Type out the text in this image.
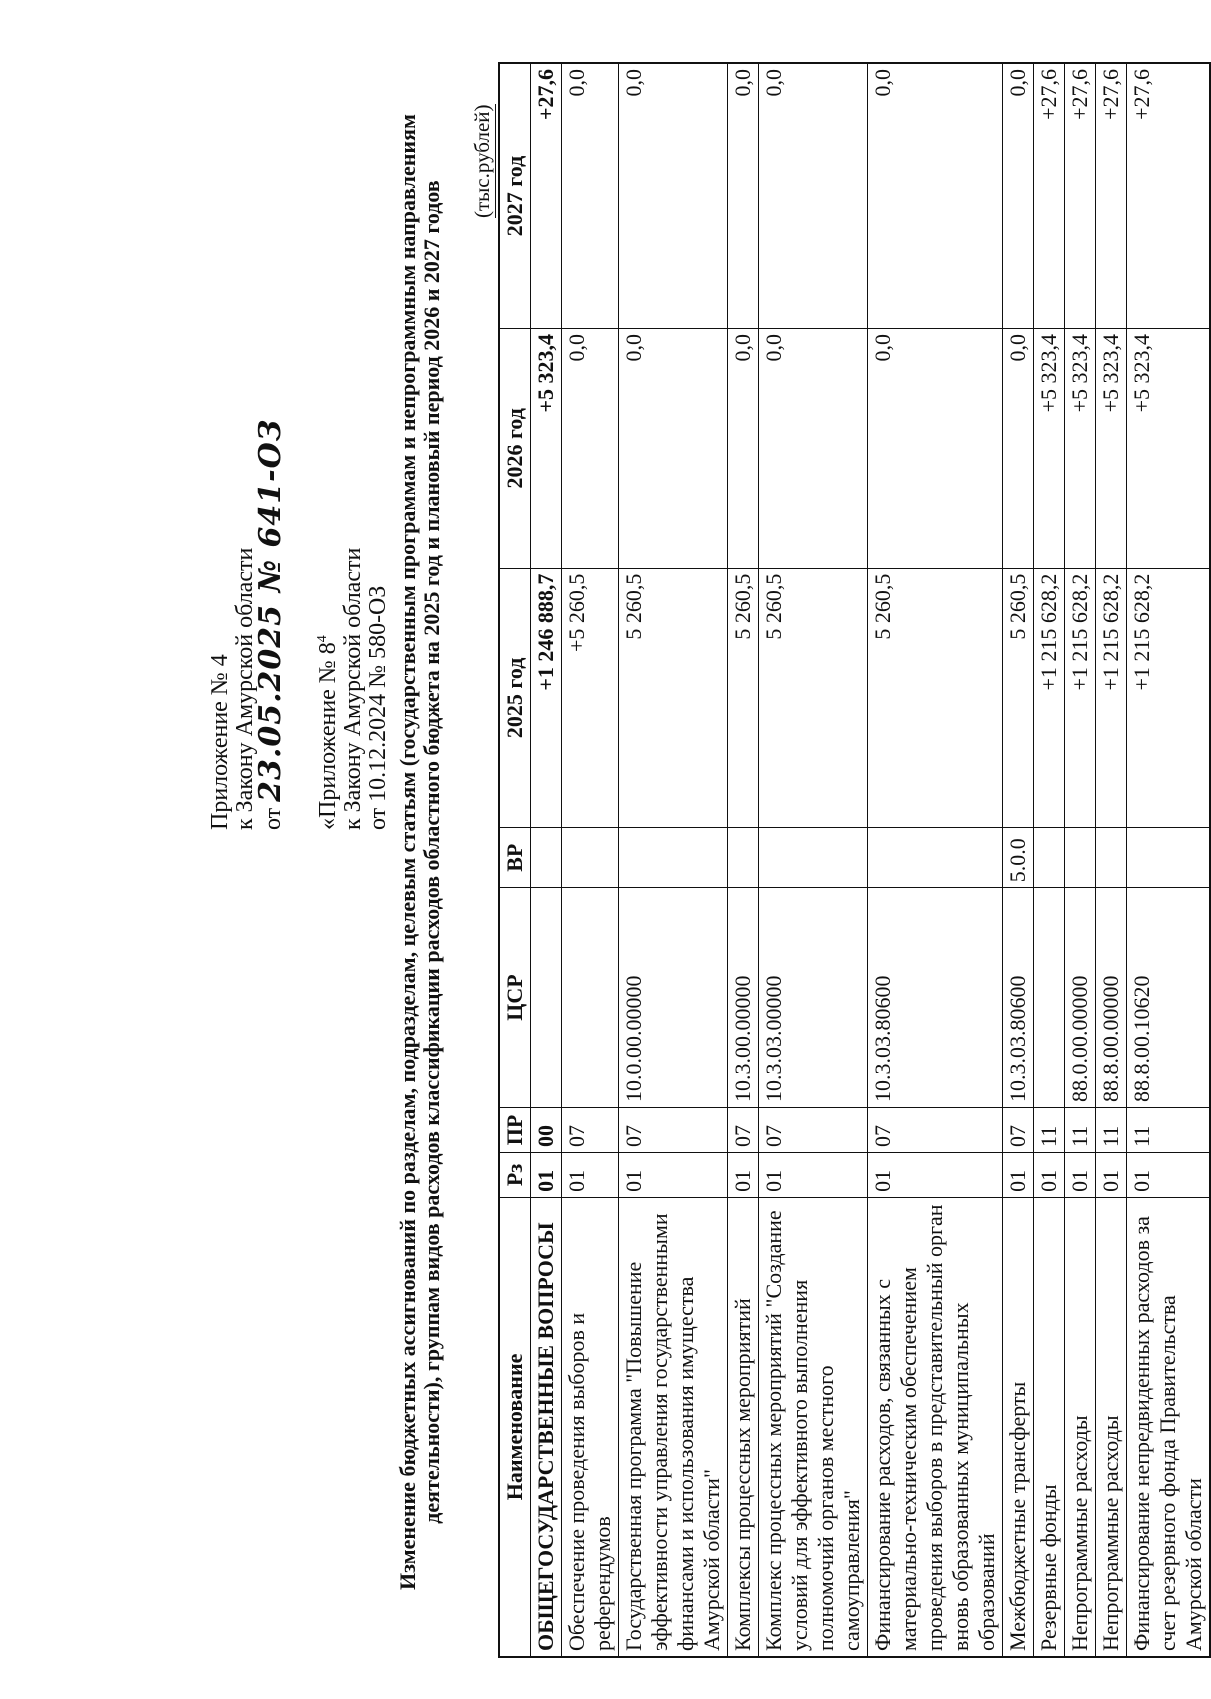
Приложение № 4 к Закону Амурской области от 23.05.2025 № 641-ОЗ «Приложение № $8^4$ к Закону Амурской области от 10.12.2024 № 580-ОЗ Изменение бюджетных ассигнований по разделам, подразделам, целевым статьям (государственным программам и непрограммным направлениям деятельности), группам видов расходов классификации расходов областного бюджета на 2025 год и плановый период 2026 и 2027 годов
(тыс.рублей)
Наименование	Рз	ПР	ЦСР	ВР	2025 год	2026 год	2027 год
ОБЩЕГОСУДАРСТВЕННЫЕ ВОПРОСЫ	01	00			+1 246 888,7	+5 323,4	+27,6
Обеспечение проведения выборов и референдумов	01	07			+5 260,5	0,0	0,0
Государственная программа "Повышение эффективности управления государственными финансами и использования имущества Амурской области"	01	07	10.0.00.00000		5 260,5	0,0	0,0
Комплексы процессных мероприятий	01	07	10.3.00.00000		5 260,5	0,0	0,0
Комплекс процессных мероприятий "Создание условий для эффективного выполнения полномочий органов местного самоуправления"	01	07	10.3.03.00000		5 260,5	0,0	0,0
Финансирование расходов, связанных с материально-техническим обеспечением проведения выборов в представительный орган вновь образованных муниципальных образований	01	07	10.3.03.80600		5 260,5	0,0	0,0
Межбюджетные трансферты	01	07	10.3.03.80600	5.0.0	5 260,5	0,0	0,0
Резервные фонды	01	11			+1 215 628,2	+5 323,4	+27,6
Непрограммные расходы	01	11	88.0.00.00000		+1 215 628,2	+5 323,4	+27,6
Непрограммные расходы	01	11	88.8.00.00000		+1 215 628,2	+5 323,4	+27,6
Финансирование непредвиденных расходов за счет резервного фонда Правительства Амурской области	01	11	88.8.00.10620		+1 215 628,2	+5 323,4	+27,6
